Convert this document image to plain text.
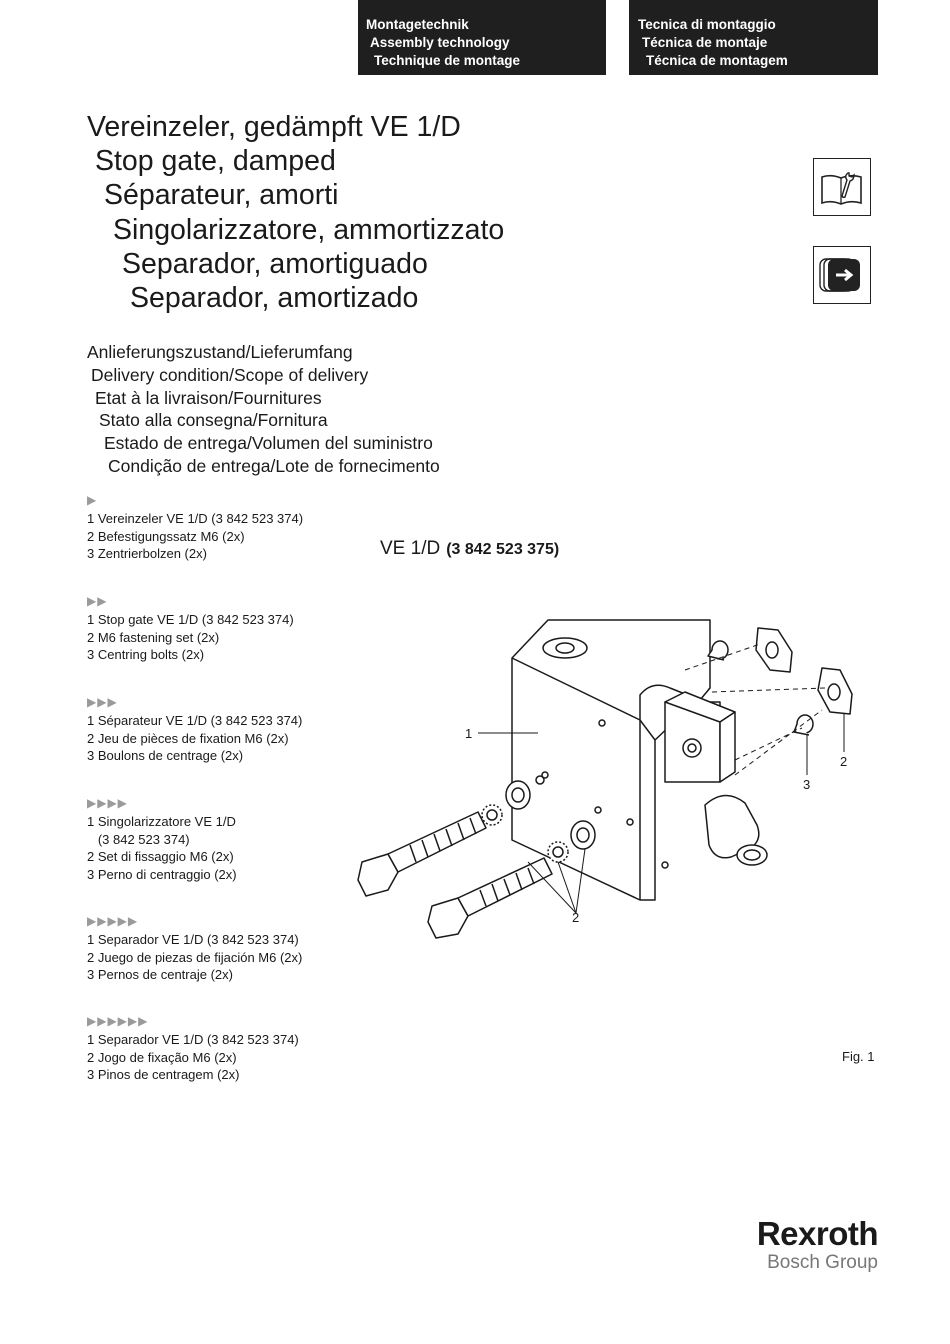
Montagetechnik
Assembly technology
Technique de montage
Tecnica di montaggio
Técnica de montaje
Técnica de montagem
Vereinzeler, gedämpft VE 1/D
Stop gate, damped
Séparateur, amorti
Singolarizzatore, ammortizzato
Separador, amortiguado
Separador, amortizado
Anlieferungszustand/Lieferumfang
Delivery condition/Scope of delivery
Etat à la livraison/Fournitures
Stato alla consegna/Fornitura
Estado de entrega/Volumen del suministro
Condição de entrega/Lote de fornecimento
▶
1 Vereinzeler VE 1/D (3 842 523 374)
2 Befestigungssatz M6 (2x)
3 Zentrierbolzen (2x)
▶▶
1 Stop gate VE 1/D (3 842 523 374)
2 M6 fastening set (2x)
3 Centring bolts (2x)
▶▶▶
1 Séparateur VE 1/D (3 842 523 374)
2 Jeu de pièces de fixation M6 (2x)
3 Boulons de centrage (2x)
▶▶▶▶
1 Singolarizzatore VE 1/D
(3 842 523 374)
2 Set di fissaggio M6 (2x)
3 Perno di centraggio (2x)
▶▶▶▶▶
1 Separador VE 1/D (3 842 523 374)
2 Juego de piezas de fijación M6 (2x)
3 Pernos de centraje (2x)
▶▶▶▶▶▶
1 Separador VE 1/D (3 842 523 374)
2 Jogo de fixação M6 (2x)
3 Pinos de centragem (2x)
VE 1/D (3 842 523 375)
1
2
3
2
Fig. 1
Rexroth
Bosch Group
